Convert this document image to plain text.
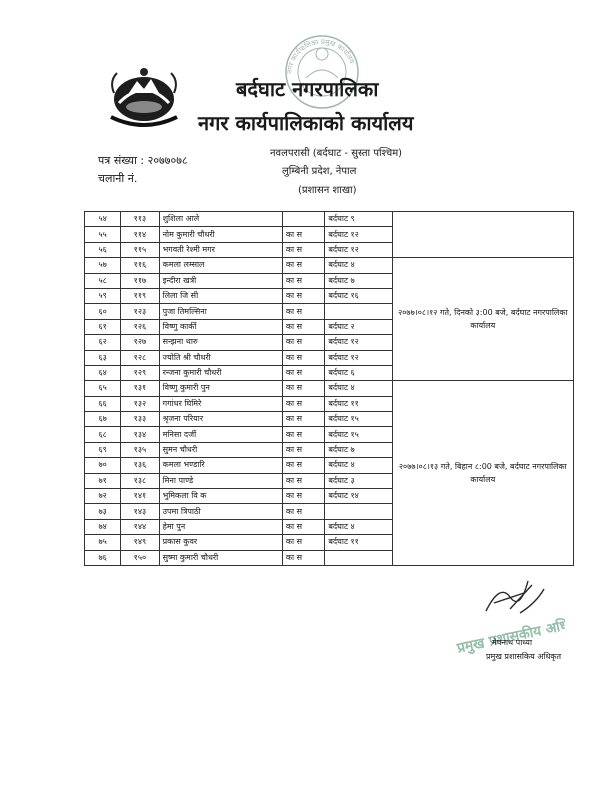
नगर कार्यपालिका प्रमुख कार्यालय
बर्दघाट नगरपालिका
नगर कार्यपालिकाको कार्यालय
नवलपरासी (बर्दघाट - सुस्ता पश्चिम)
लुम्बिनी प्रदेश, नेपाल
(प्रशासन शाखा)
पत्र संख्या : २०७७०७८
चलानी नं.
५४	११३	शुशिला आले		बर्दघाट ९	
५५	११४	नोम कुमारी चौधरी	का स	बर्दघाट १२	
५६	११५	भगवती रेश्मी मगर	का स	बर्दघाट १२	
५७	११६	कमला लम्साल	का स	बर्दघाट ४	२०७७।०८।१२ गते, दिनको ३:00 बजे, बर्दघाट नगरपालिका कार्यालय
५८	११७	इन्दीरा खत्री	का स	बर्दघाट ७	
५९	११९	लिला जि सी	का स	बर्दघाट १६	
६०	१२३	पुजा तिमल्सिना	का स		
६१	१२६	विष्णु कार्की	का स	बर्दघाट २	
६२	१२७	सन्झना थारु	का स	बर्दघाट १२	
६३	१२८	ज्योति श्री चौधरी	का स	बर्दघाट १२	
६४	१२९	रन्जना कुमारी चौधरी	का स	बर्दघाट ६	
६५	१३१	विष्णु कुमारी पुन	का स	बर्दघाट ४	२०७७।०८।१३ गते, बिहान ८:00 बजे, बर्दघाट नगरपालिका कार्यालय
६६	१३२	गगांधर घिमिरे	का स	बर्दघाट ११	
६७	१३३	श्रृजना परियार	का स	बर्दघाट १५	
६८	१३४	मनिसा दर्जी	का स	बर्दघाट १५	
६९	१३५	सुमन चौधरी	का स	बर्दघाट ७	
७०	१३६	कमला भण्डारि	का स	बर्दघाट ४	
७१	१३८	मिना पाण्डे	का स	बर्दघाट ३	
७२	१४१	भुमिकला वि क	का स	बर्दघाट १४	
७३	१४३	उपमा त्रिपाठी	का स		
७४	१४४	हेमा पुन	का स	बर्दघाट ४	
७५	१४९	प्रकास कुवर	का स	बर्दघाट ११	
७६	१५०	सुष्मा कुमारी चौधरी	का स		
प्रमुख प्रशासकीय अधिकृत
मेघनाथ पाध्या
प्रमुख प्रशासकिय अधिकृत
